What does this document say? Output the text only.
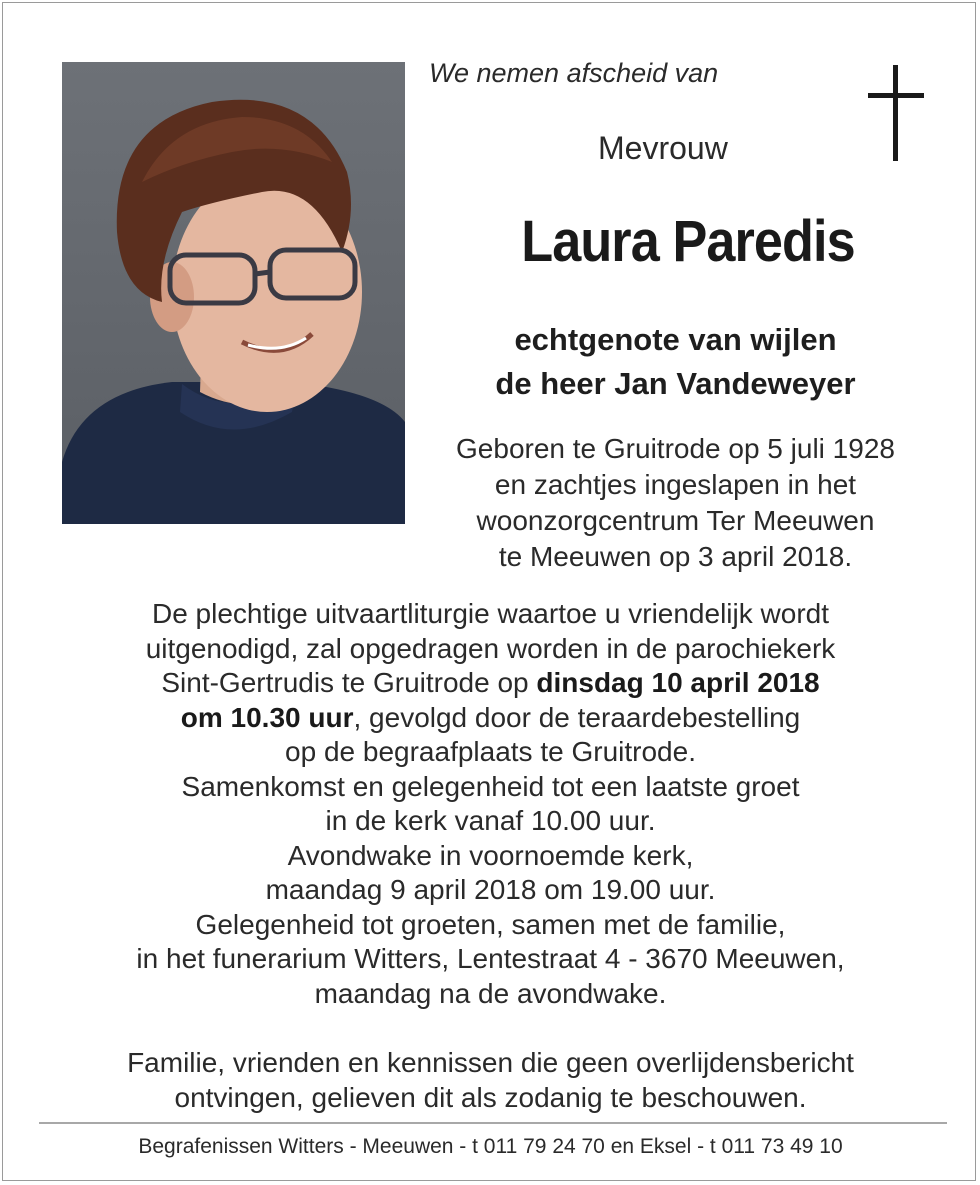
We nemen afscheid van
Mevrouw
Laura Paredis
echtgenote van wijlen
de heer Jan Vandeweyer
Geboren te Gruitrode op 5 juli 1928
en zachtjes ingeslapen in het
woonzorgcentrum Ter Meeuwen
te Meeuwen op 3 april 2018.
De plechtige uitvaartliturgie waartoe u vriendelijk wordt
uitgenodigd, zal opgedragen worden in de parochiekerk
Sint-Gertrudis te Gruitrode op dinsdag 10 april 2018
om 10.30 uur, gevolgd door de teraardebestelling
op de begraafplaats te Gruitrode.
Samenkomst en gelegenheid tot een laatste groet
in de kerk vanaf 10.00 uur.
Avondwake in voornoemde kerk,
maandag 9 april 2018 om 19.00 uur.
Gelegenheid tot groeten, samen met de familie,
in het funerarium Witters, Lentestraat 4 - 3670 Meeuwen,
maandag na de avondwake.
Familie, vrienden en kennissen die geen overlijdensbericht
ontvingen, gelieven dit als zodanig te beschouwen.
Begrafenissen Witters - Meeuwen - t 011 79 24 70 en Eksel - t 011 73 49 10
